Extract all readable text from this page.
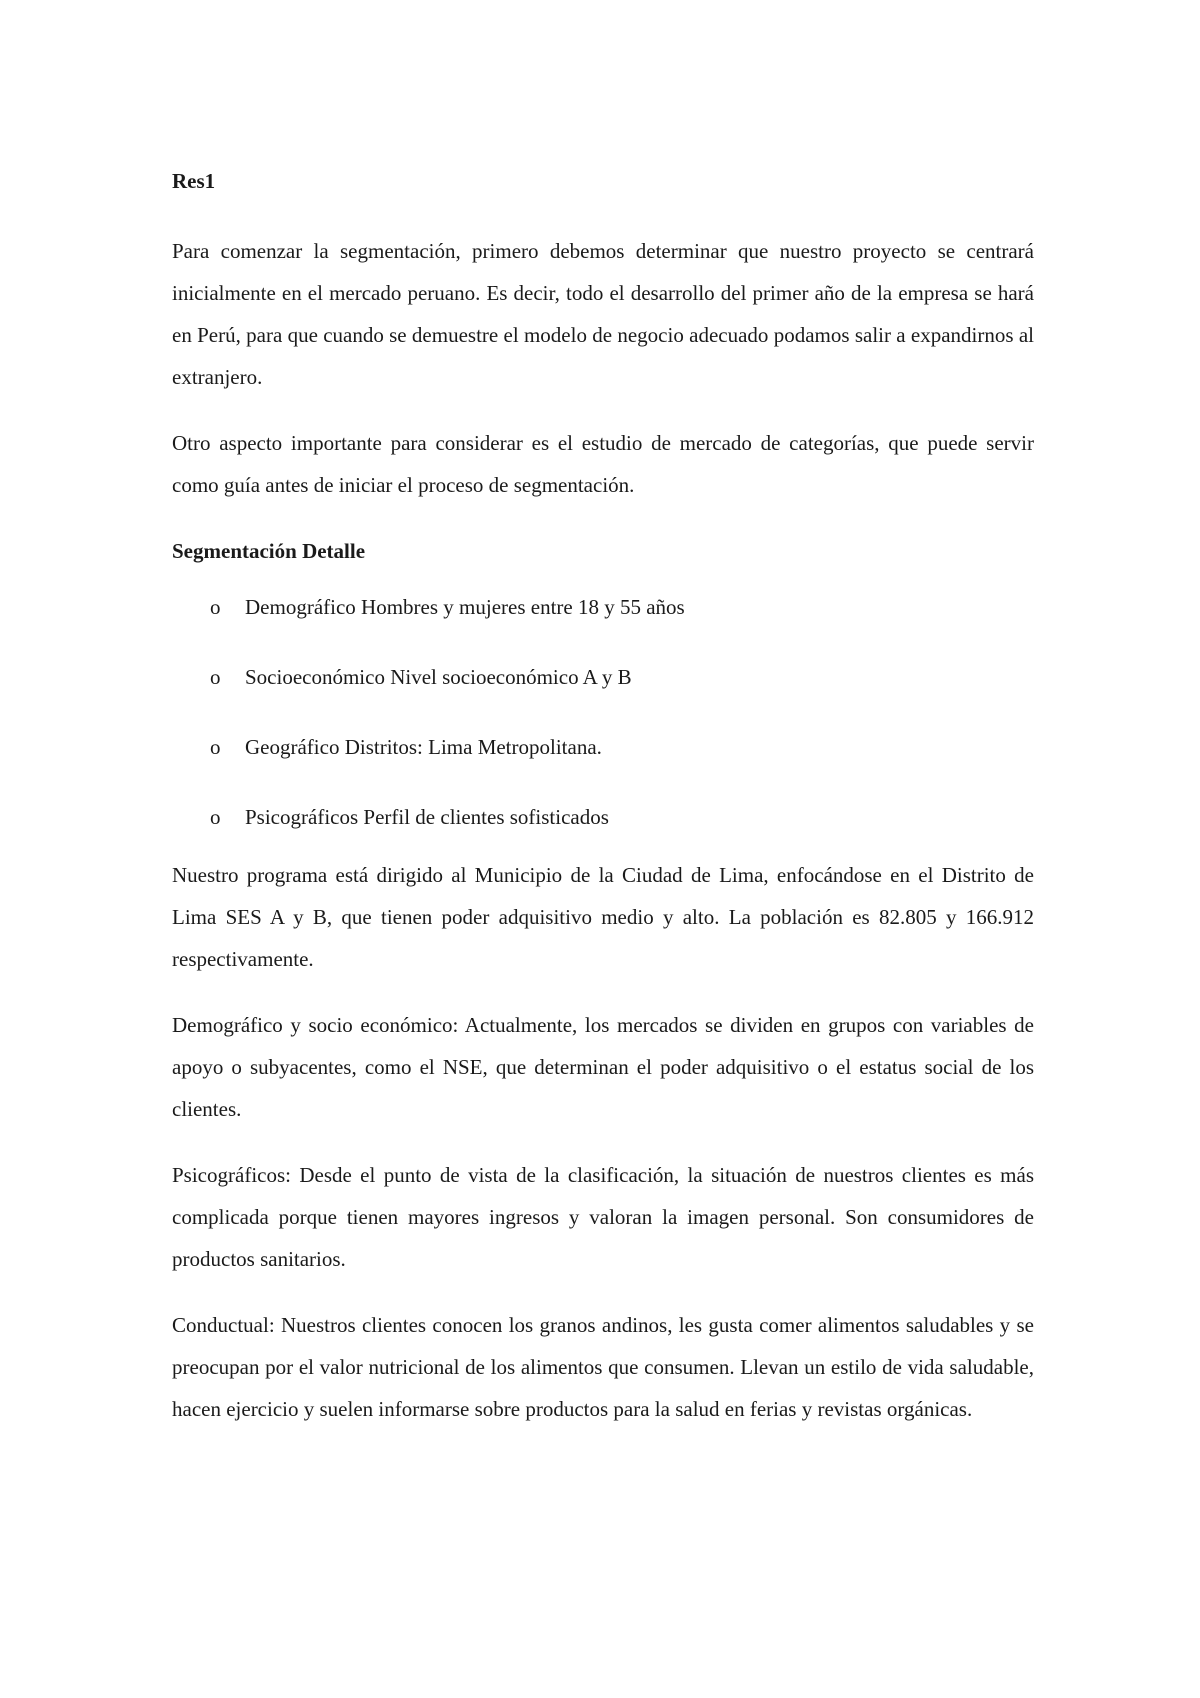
Res1

Para comenzar la segmentación, primero debemos determinar que nuestro proyecto se centrará inicialmente en el mercado peruano. Es decir, todo el desarrollo del primer año de la empresa se hará en Perú, para que cuando se demuestre el modelo de negocio adecuado podamos salir a expandirnos al extranjero.

Otro aspecto importante para considerar es el estudio de mercado de categorías, que puede servir como guía antes de iniciar el proceso de segmentación.

Segmentación Detalle
o	Demográfico Hombres y mujeres entre 18 y 55 años
o	Socioeconómico Nivel socioeconómico A y B
o	Geográfico Distritos: Lima Metropolitana.
o	Psicográficos Perfil de clientes sofisticados

Nuestro programa está dirigido al Municipio de la Ciudad de Lima, enfocándose en el Distrito de Lima SES A y B, que tienen poder adquisitivo medio y alto. La población es 82.805 y 166.912 respectivamente.

Demográfico y socio económico: Actualmente, los mercados se dividen en grupos con variables de apoyo o subyacentes, como el NSE, que determinan el poder adquisitivo o el estatus social de los clientes.

Psicográficos: Desde el punto de vista de la clasificación, la situación de nuestros clientes es más complicada porque tienen mayores ingresos y valoran la imagen personal. Son consumidores de productos sanitarios.

Conductual: Nuestros clientes conocen los granos andinos, les gusta comer alimentos saludables y se preocupan por el valor nutricional de los alimentos que consumen. Llevan un estilo de vida saludable, hacen ejercicio y suelen informarse sobre productos para la salud en ferias y revistas orgánicas.
